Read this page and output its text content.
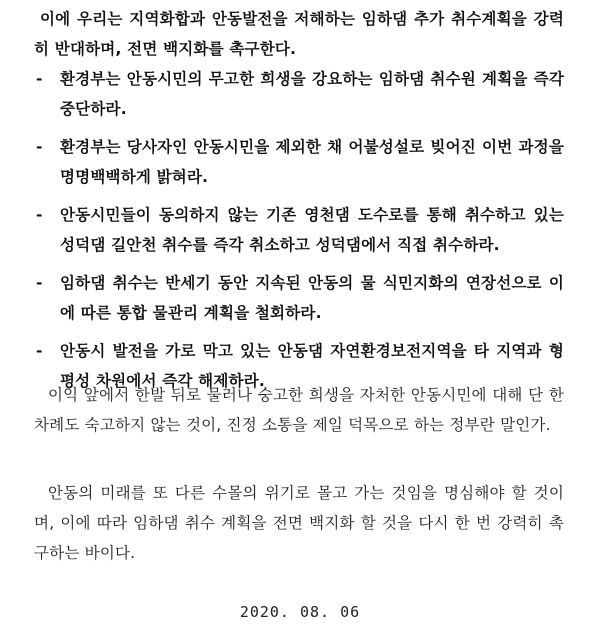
이에 우리는 지역화합과 안동발전을 저해하는 임하댐 추가 취수계획을 강력히 반대하며, 전면 백지화를 촉구한다.

- 환경부는 안동시민의 무고한 희생을 강요하는 임하댐 취수원 계획을 즉각 중단하라.
- 환경부는 당사자인 안동시민을 제외한 채 어불성설로 빚어진 이번 과정을 명명백백하게 밝혀라.
- 안동시민들이 동의하지 않는 기존 영천댐 도수로를 통해 취수하고 있는 성덕댐 길안천 취수를 즉각 취소하고 성덕댐에서 직접 취수하라.
- 임하댐 취수는 반세기 동안 지속된 안동의 물 식민지화의 연장선으로 이에 따른 통합 물관리 계획을 철회하라.
- 안동시 발전을 가로 막고 있는 안동댐 자연환경보전지역을 타 지역과 형평성 차원에서 즉각 해제하라.

이익 앞에서 한발 뒤로 물러나 숭고한 희생을 자처한 안동시민에 대해 단 한 차례도 숙고하지 않는 것이, 진정 소통을 제일 덕목으로 하는 정부란 말인가.

안동의 미래를 또 다른 수몰의 위기로 몰고 가는 것임을 명심해야 할 것이며, 이에 따라 임하댐 취수 계획을 전면 백지화 할 것을 다시 한 번 강력히 촉구하는 바이다.

2020. 08. 06
